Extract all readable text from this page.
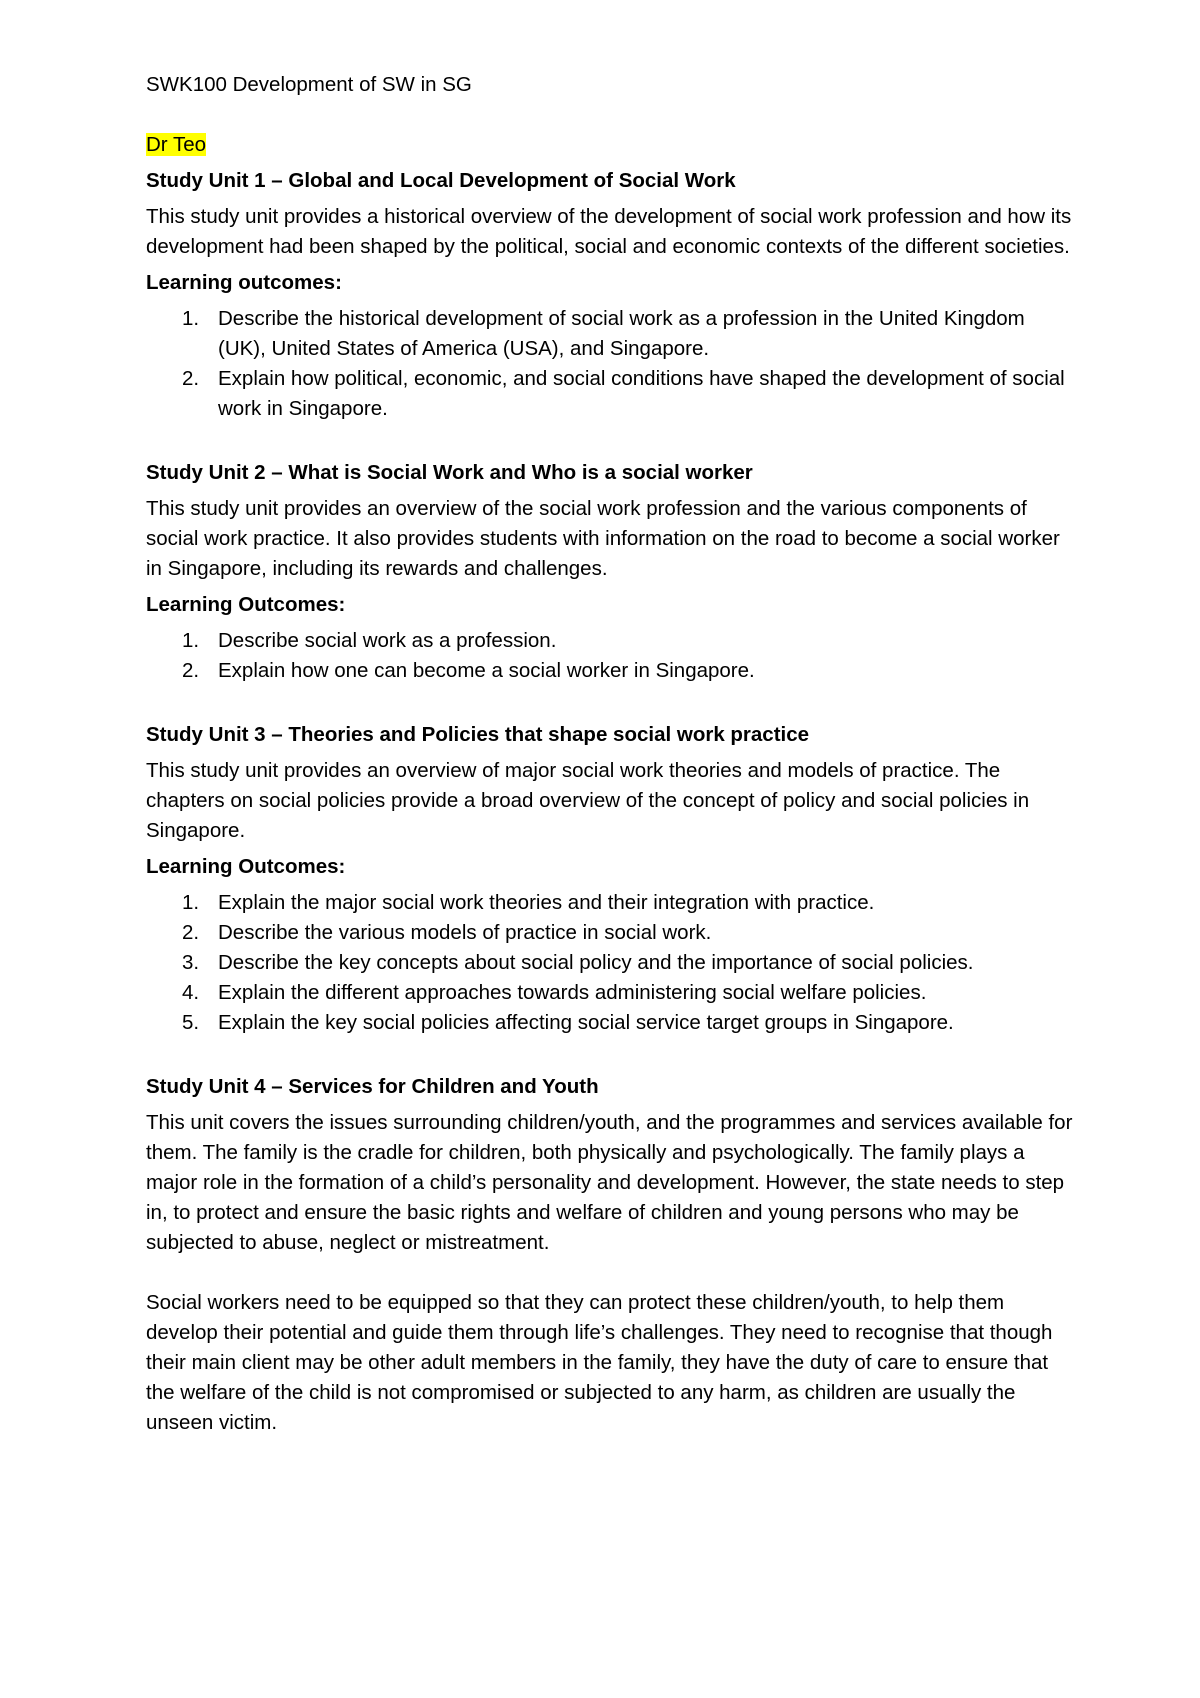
SWK100 Development of SW in SG

Dr Teo

Study Unit 1 – Global and Local Development of Social Work

This study unit provides a historical overview of the development of social work profession and how its development had been shaped by the political, social and economic contexts of the different societies.

Learning outcomes:

1. Describe the historical development of social work as a profession in the United Kingdom (UK), United States of America (USA), and Singapore.
2. Explain how political, economic, and social conditions have shaped the development of social work in Singapore.

Study Unit 2 – What is Social Work and Who is a social worker

This study unit provides an overview of the social work profession and the various components of social work practice. It also provides students with information on the road to become a social worker in Singapore, including its rewards and challenges.

Learning Outcomes:

1. Describe social work as a profession.
2. Explain how one can become a social worker in Singapore.

Study Unit 3 – Theories and Policies that shape social work practice

This study unit provides an overview of major social work theories and models of practice. The chapters on social policies provide a broad overview of the concept of policy and social policies in Singapore.

Learning Outcomes:

1. Explain the major social work theories and their integration with practice.
2. Describe the various models of practice in social work.
3. Describe the key concepts about social policy and the importance of social policies.
4. Explain the different approaches towards administering social welfare policies.
5. Explain the key social policies affecting social service target groups in Singapore.

Study Unit 4 – Services for Children and Youth

This unit covers the issues surrounding children/youth, and the programmes and services available for them. The family is the cradle for children, both physically and psychologically. The family plays a major role in the formation of a child’s personality and development. However, the state needs to step in, to protect and ensure the basic rights and welfare of children and young persons who may be subjected to abuse, neglect or mistreatment.

Social workers need to be equipped so that they can protect these children/youth, to help them develop their potential and guide them through life’s challenges. They need to recognise that though their main client may be other adult members in the family, they have the duty of care to ensure that the welfare of the child is not compromised or subjected to any harm, as children are usually the unseen victim.
